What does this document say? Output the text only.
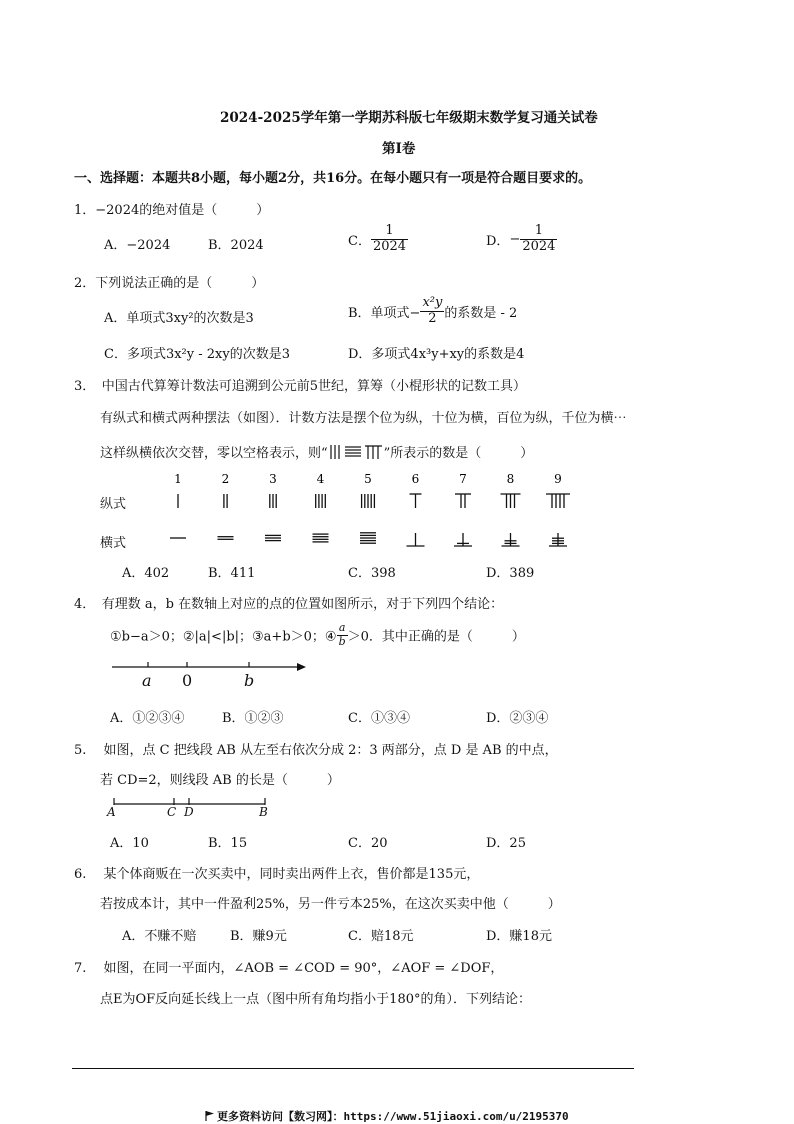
2024-2025学年第一学期苏科版七年级期末数学复习通关试卷
第Ⅰ卷
一、选择题：本题共8小题，每小题2分，共16分。在每小题只有一项是符合题目要求的。
1．−2024的绝对值是（　　　）
A．−2024	B．2024	C． $\frac{1}{2024}$	D．− $\frac{1}{2024}$
2．下列说法正确的是（　　　）
A．单项式3xy²的次数是3	B．单项式− $\frac{\text{x²y}}{2}$ 的系数是 - 2
C．多项式3x²y - 2xy的次数是3	D．多项式4x³y+xy的系数是4
3．　中国古代算筹计数法可追溯到公元前5世纪，算筹（小棍形状的记数工具）
有纵式和横式两种摆法（如图）．计数方法是摆个位为纵，十位为横，百位为纵，千位为横⋯
这样纵横依次交替，零以空格表示，则“	”所表示的数是（　　　）
纵式
横式
1	2	3	4	5	6	7	8	9
A．402	B．411	C．398	D．389
4．　有理数 a，b 在数轴上对应的点的位置如图所示，对于下列四个结论：
①b−a＞0；②|a|<|b|；③a+b＞0；④ $\frac{a}{b} >0$．其中正确的是（　　　）
a 0	b
A．①②③④	B．①②③	C．①③④	D．②③④
5.　 如图，点 C 把线段 AB 从左至右依次分成 2：3 两部分，点 D 是 AB 的中点，
若 CD=2，则线段 AB 的长是（　　　）
A	C D	B
A．10	B．15	C．20	D．25
6.　 某个体商贩在一次买卖中，同时卖出两件上衣，售价都是135元，
若按成本计，其中一件盈利25%，另一件亏本25%，在这次买卖中他（　　　）
A．不赚不赔	B．赚9元	C．赔18元	D．赚18元
7.　 如图，在同一平面内，∠AOB = ∠COD = 90°，∠AOF = ∠DOF，
点E为OF反向延长线上一点（图中所有角均指小于180°的角）．下列结论：
更多资料访问【数习网】：https://www.51jiaoxi.com/u/2195370
